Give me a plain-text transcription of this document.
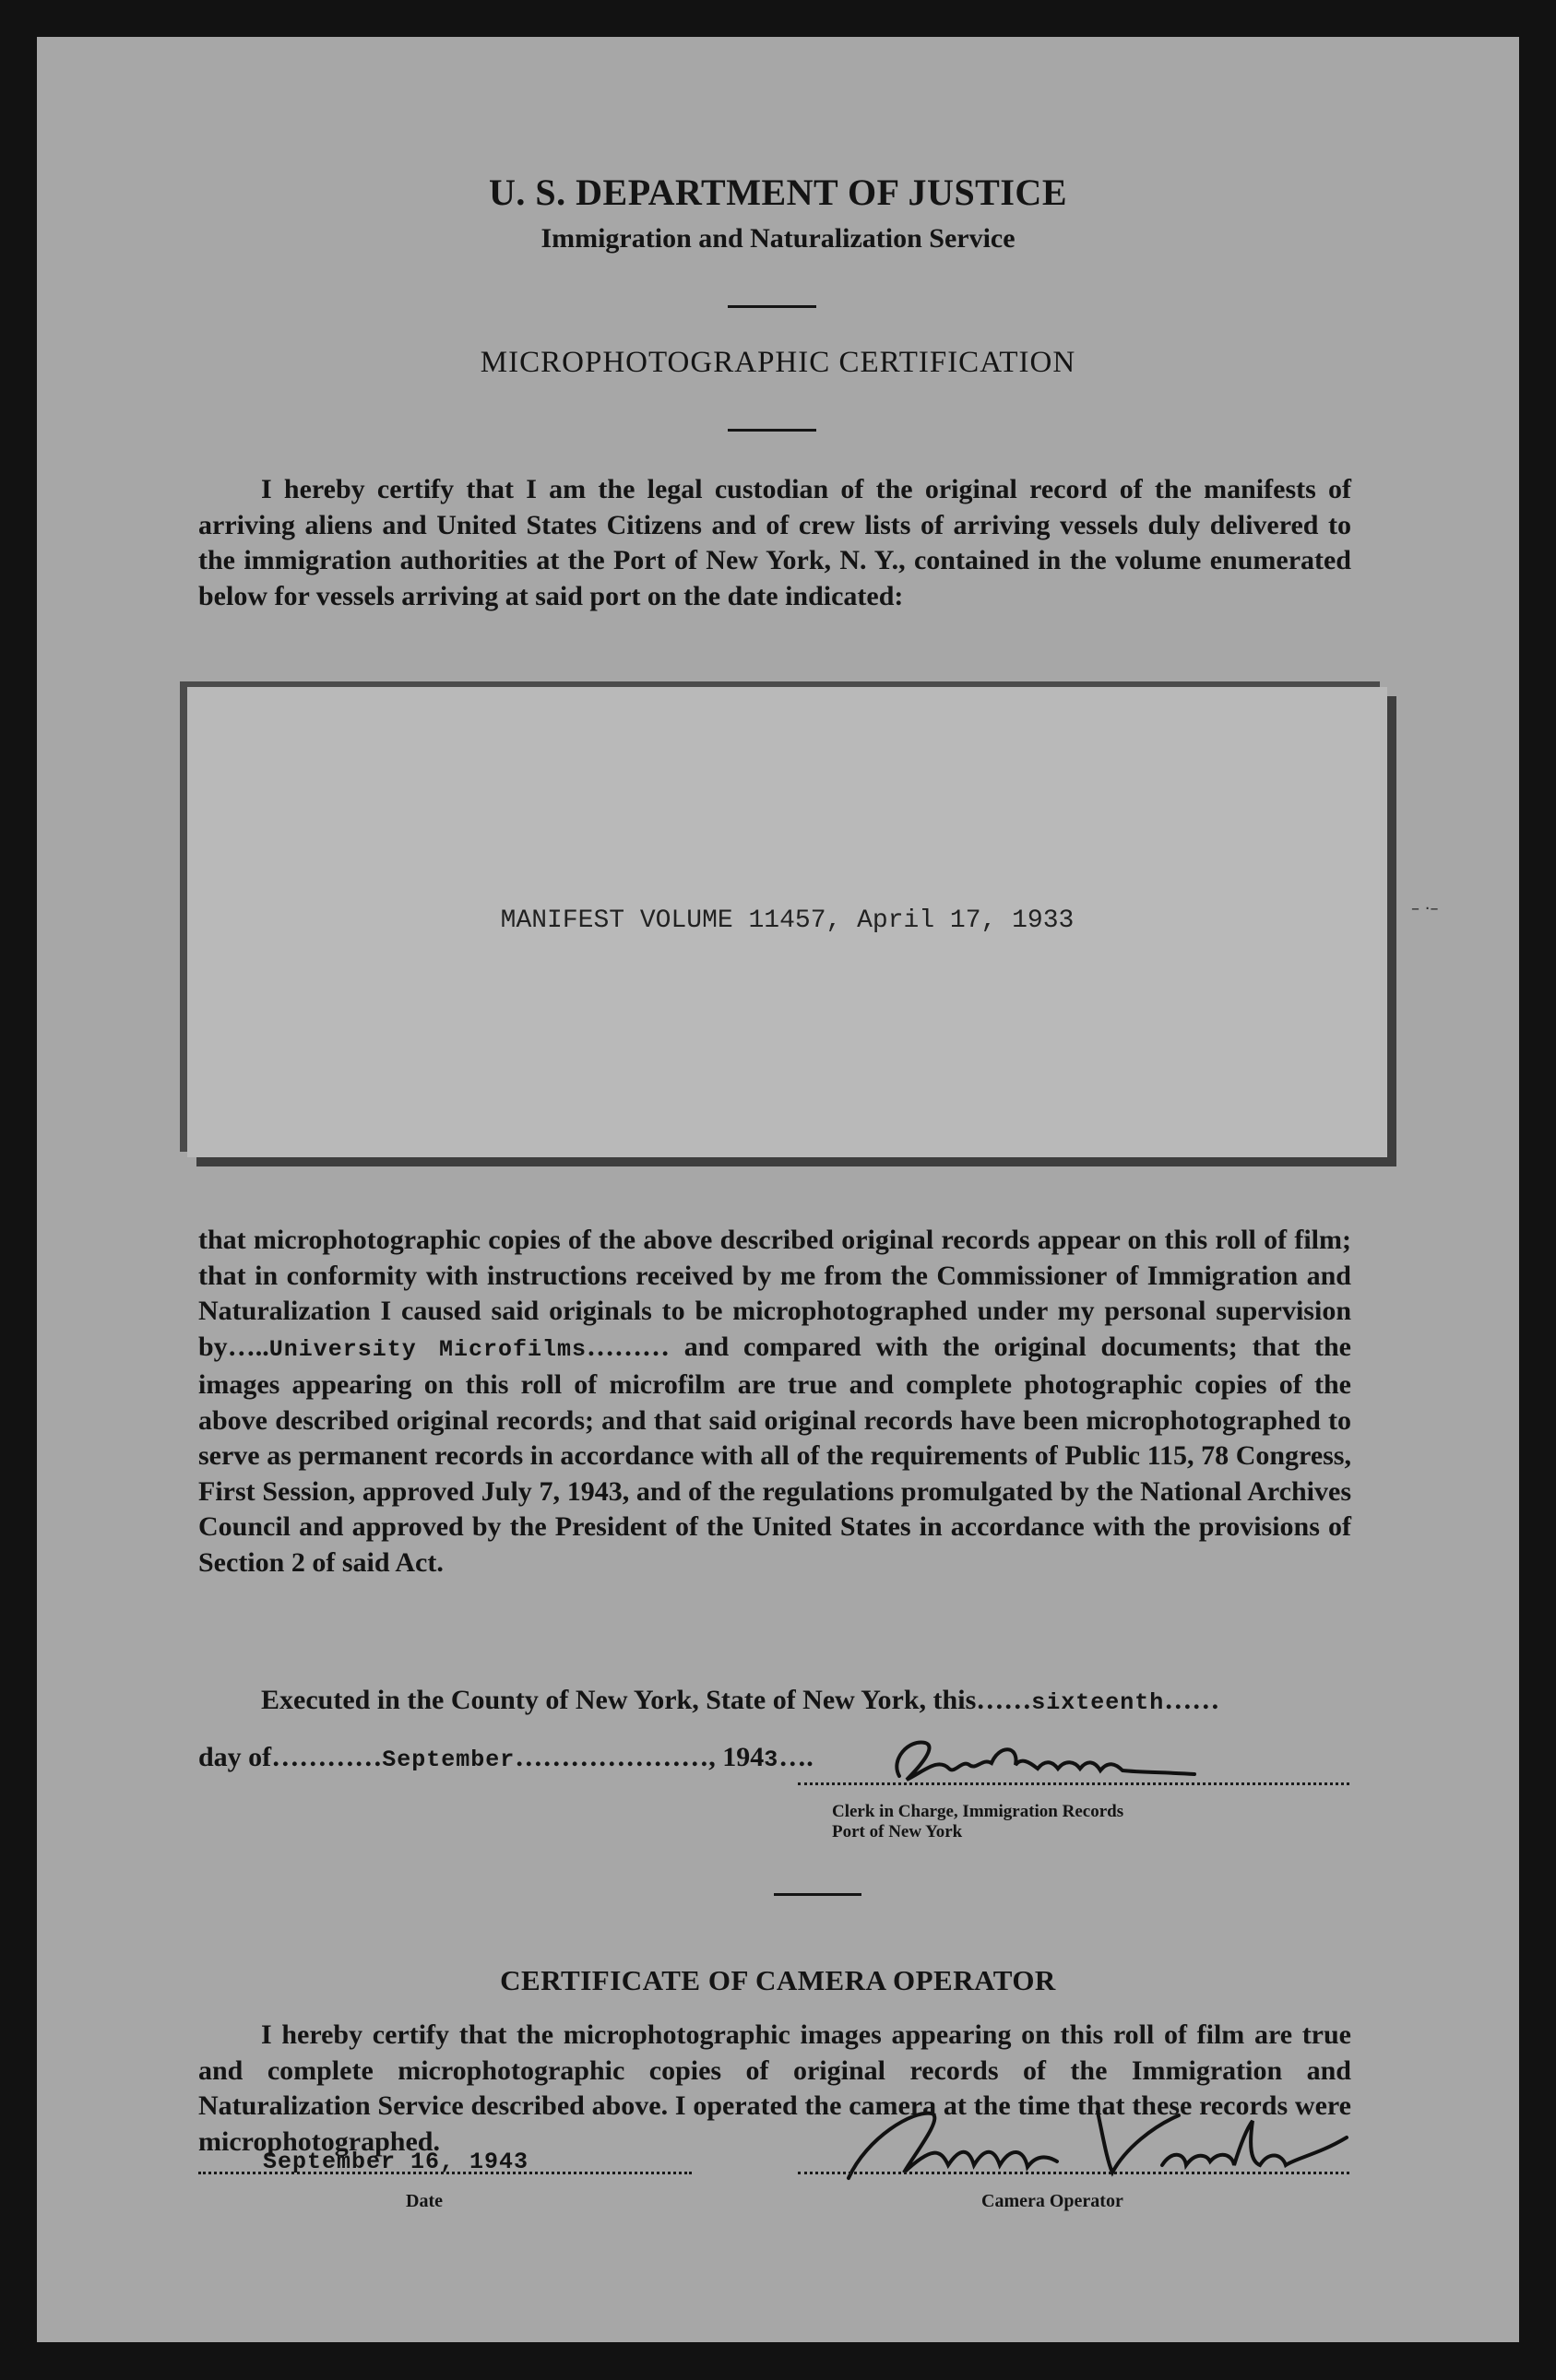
U. S. DEPARTMENT OF JUSTICE
Immigration and Naturalization Service
MICROPHOTOGRAPHIC CERTIFICATION
I hereby certify that I am the legal custodian of the original record of the manifests of arriving aliens and United States Citizens and of crew lists of arriving vessels duly delivered to the immigration authorities at the Port of New York, N. Y., contained in the volume enumerated below for vessels arriving at said port on the date indicated:
MANIFEST VOLUME 11457, April 17, 1933	– ·–
that microphotographic copies of the above described original records appear on this roll of film; that in conformity with instructions received by me from the Commissioner of Immigration and Naturalization I caused said originals to be microphotographed under my personal supervision by…..University Microfilms……… and compared with the original documents; that the images appearing on this roll of microfilm are true and complete photographic copies of the above described original records; and that said original records have been microphotographed to serve as permanent records in accordance with all of the requirements of Public 115, 78 Congress, First Session, approved July 7, 1943, and of the regulations promulgated by the National Archives Council and approved by the President of the United States in accordance with the provisions of Section 2 of said Act.
Executed in the County of New York, State of New York, this……sixteenth……
day of…………September…………………, 1943….
Clerk in Charge, Immigration Records
Port of New York
CERTIFICATE OF CAMERA OPERATOR
I hereby certify that the microphotographic images appearing on this roll of film are true and complete microphotographic copies of original records of the Immigration and Naturalization Service described above. I operated the camera at the time that these records were microphotographed.
September 16, 1943
Date	Camera Operator
